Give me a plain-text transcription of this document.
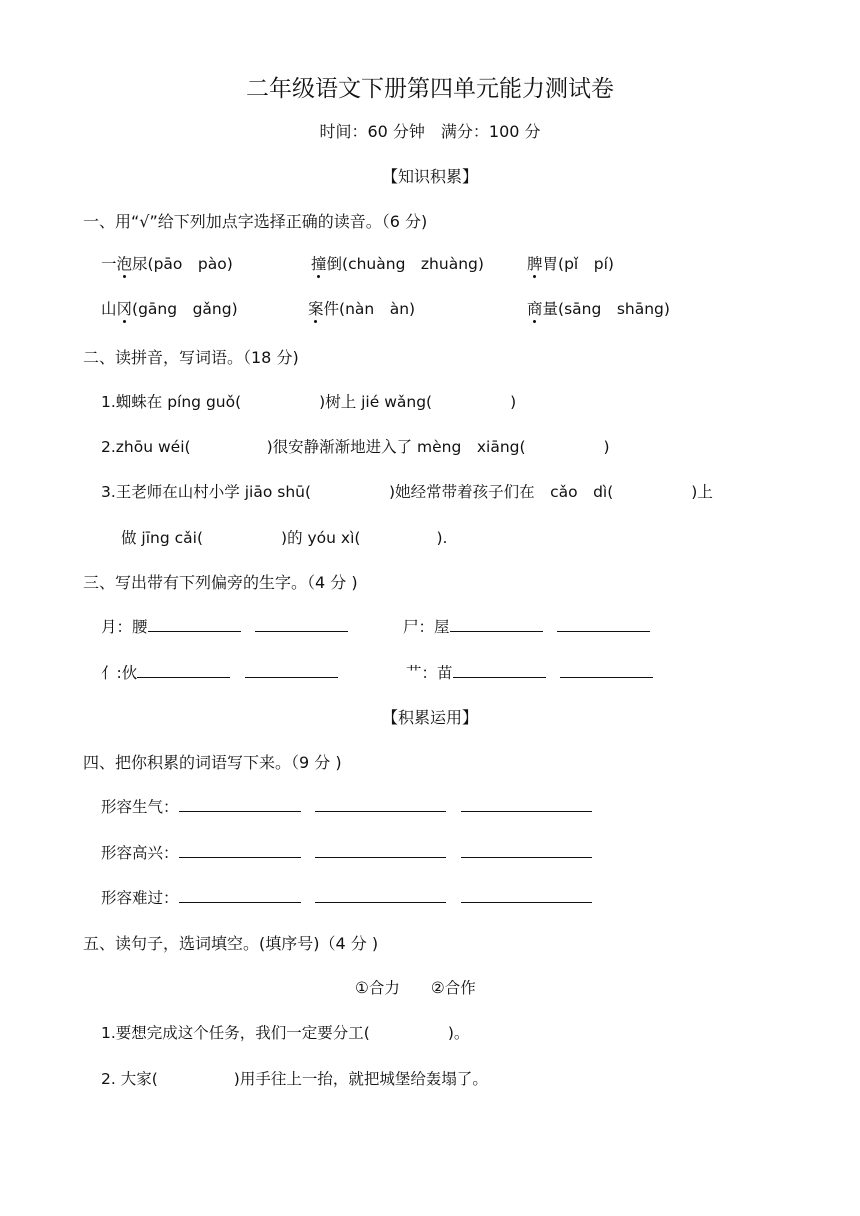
二年级语文下册第四单元能力测试卷
时间：60 分钟　满分：100 分
【知识积累】
一、用“√”给下列加点字选择正确的读音。（6 分)
一泡尿(pāo　pào)	撞倒(chuàng　zhuàng)	脾胃(pǐ　pí)
山冈(gāng　gǎng)	案件(nàn　àn)	商量(sāng　shāng)
二、读拼音，写词语。（18 分)
1.蜘蛛在 píng guǒ(	)树上 jié wǎng(	)
2.zhōu wéi(	)很安静渐渐地进入了 mèng　xiāng(	)
3.王老师在山村小学 jiāo shū(	)她经常带着孩子们在　cǎo　dì(	)上
做 jīng cǎi(	)的 yóu xì(	).
三、写出带有下列偏旁的生字。（4 分 )
月：腰	尸：屋
亻:伙	艹：苗
【积累运用】
四、把你积累的词语写下来。（9 分 )
形容生气：
形容高兴：
形容难过：
五、读句子，选词填空。(填序号)（4 分 )
①合力　　②合作
1.要想完成这个任务，我们一定要分工(	)。
2. 大家(	)用手往上一抬，就把城堡给轰塌了。
